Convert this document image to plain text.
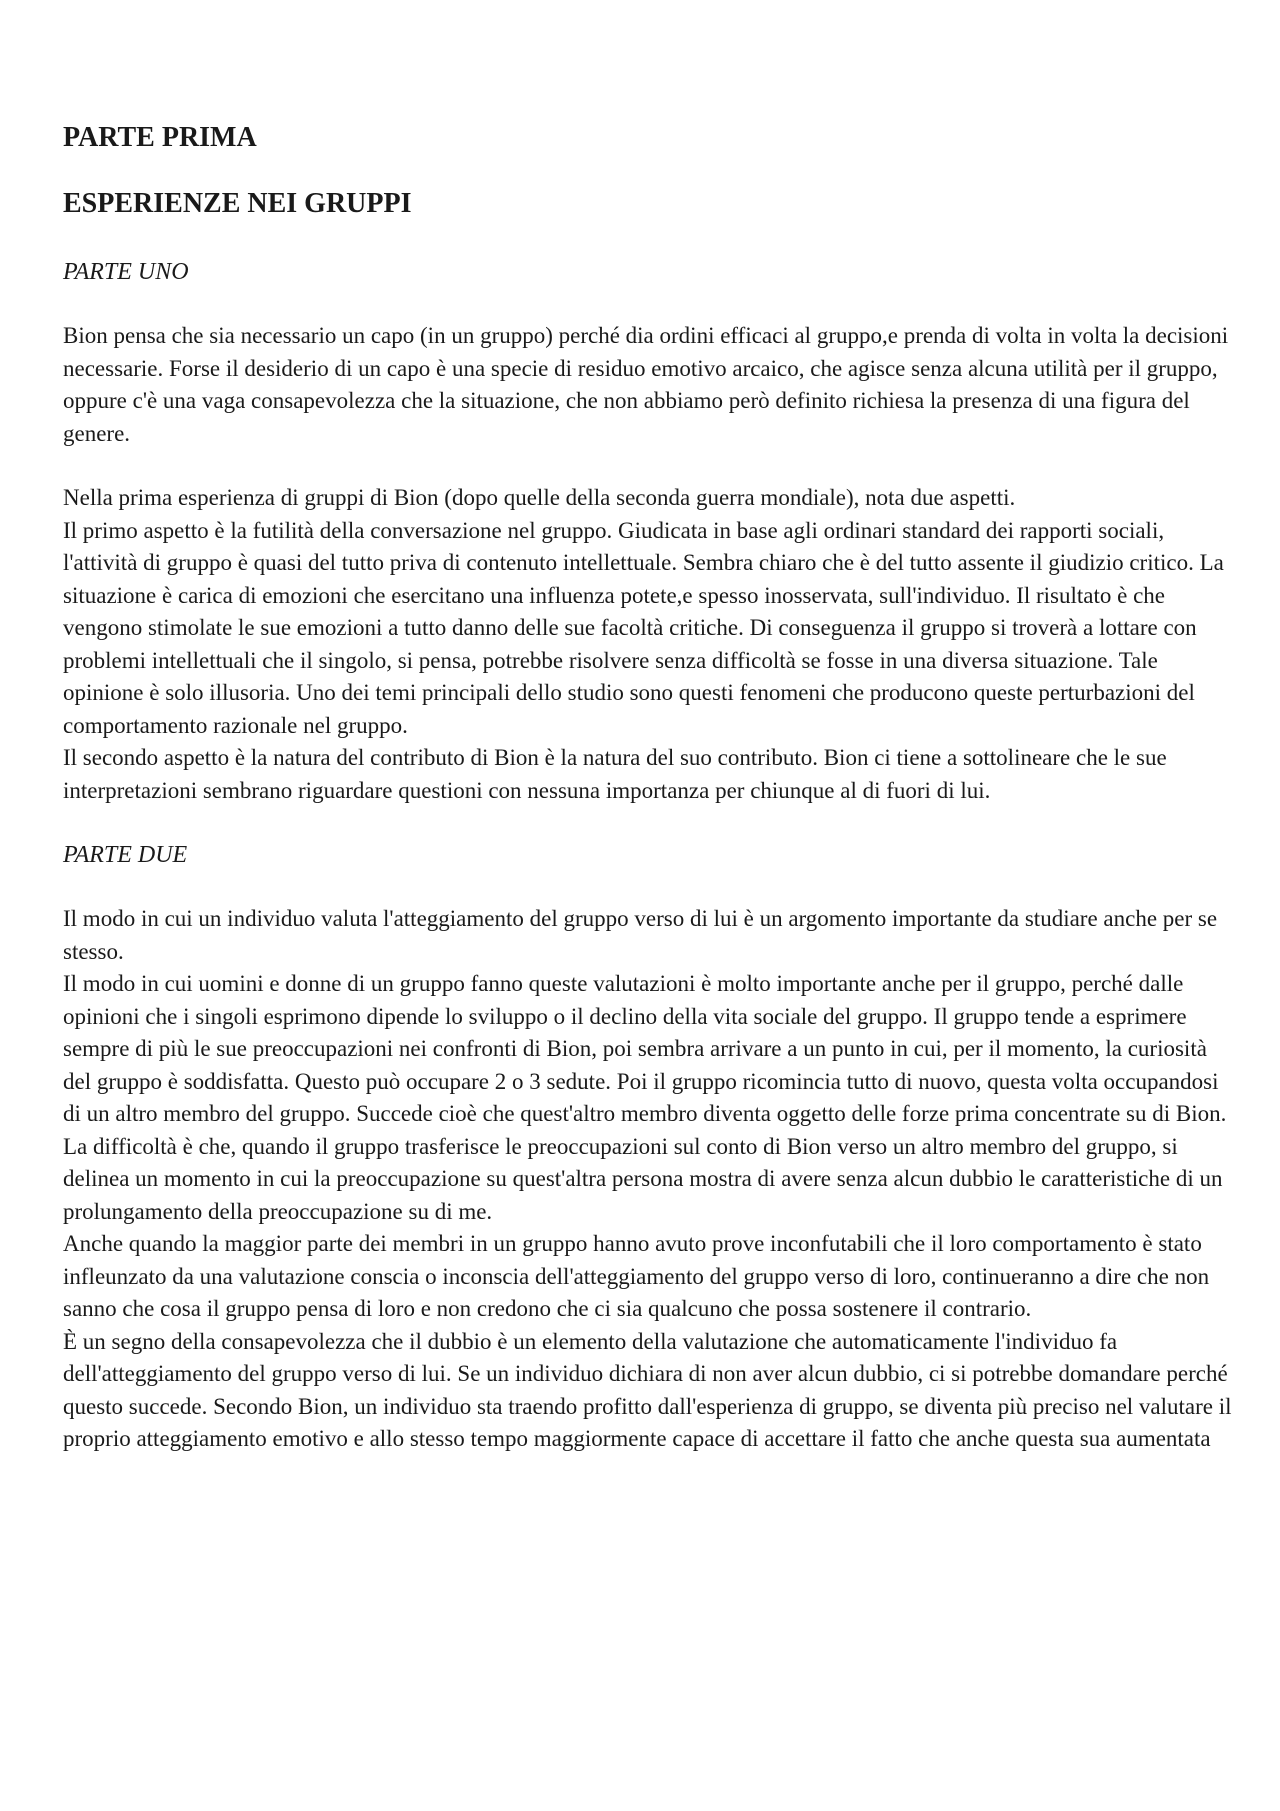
PARTE PRIMA
ESPERIENZE NEI GRUPPI
PARTE UNO

Bion pensa che sia necessario un capo (in un gruppo) perché dia ordini efficaci al gruppo,e prenda di volta in volta la decisioni necessarie. Forse il desiderio di un capo è una specie di residuo emotivo arcaico, che agisce senza alcuna utilità per il gruppo, oppure c'è una vaga consapevolezza che la situazione, che non abbiamo però definito richiesa la presenza di una figura del genere.

Nella prima esperienza di gruppi di Bion (dopo quelle della seconda guerra mondiale), nota due aspetti.

Il primo aspetto è la futilità della conversazione nel gruppo. Giudicata in base agli ordinari standard dei rapporti sociali, l'attività di gruppo è quasi del tutto priva di contenuto intellettuale. Sembra chiaro che è del tutto assente il giudizio critico. La situazione è carica di emozioni che esercitano una influenza potete,e spesso inosservata, sull'individuo. Il risultato è che vengono stimolate le sue emozioni a tutto danno delle sue facoltà critiche. Di conseguenza il gruppo si troverà a lottare con problemi intellettuali che il singolo, si pensa, potrebbe risolvere senza difficoltà se fosse in una diversa situazione. Tale opinione è solo illusoria. Uno dei temi principali dello studio sono questi fenomeni che producono queste perturbazioni del comportamento razionale nel gruppo.

Il secondo aspetto è la natura del contributo di Bion è la natura del suo contributo. Bion ci tiene a sottolineare che le sue interpretazioni sembrano riguardare questioni con nessuna importanza per chiunque al di fuori di lui.

PARTE DUE

Il modo in cui un individuo valuta l'atteggiamento del gruppo verso di lui è un argomento importante da studiare anche per se stesso.

Il modo in cui uomini e donne di un gruppo fanno queste valutazioni è molto importante anche per il gruppo, perché dalle opinioni che i singoli esprimono dipende lo sviluppo o il declino della vita sociale del gruppo. Il gruppo tende a esprimere sempre di più le sue preoccupazioni nei confronti di Bion, poi sembra arrivare a un punto in cui, per il momento, la curiosità del gruppo è soddisfatta. Questo può occupare 2 o 3 sedute. Poi il gruppo ricomincia tutto di nuovo, questa volta occupandosi di un altro membro del gruppo. Succede cioè che quest'altro membro diventa oggetto delle forze prima concentrate su di Bion.

La difficoltà è che, quando il gruppo trasferisce le preoccupazioni sul conto di Bion verso un altro membro del gruppo, si delinea un momento in cui la preoccupazione su quest'altra persona mostra di avere senza alcun dubbio le caratteristiche di un prolungamento della preoccupazione su di me.

Anche quando la maggior parte dei membri in un gruppo hanno avuto prove inconfutabili che il loro comportamento è stato infleunzato da una valutazione conscia o inconscia dell'atteggiamento del gruppo verso di loro, continueranno a dire che non sanno che cosa il gruppo pensa di loro e non credono che ci sia qualcuno che possa sostenere il contrario.

È un segno della consapevolezza che il dubbio è un elemento della valutazione che automaticamente l'individuo fa dell'atteggiamento del gruppo verso di lui. Se un individuo dichiara di non aver alcun dubbio, ci si potrebbe domandare perché questo succede. Secondo Bion, un individuo sta traendo profitto dall'esperienza di gruppo, se diventa più preciso nel valutare il proprio atteggiamento emotivo e allo stesso tempo maggiormente capace di accettare il fatto che anche questa sua aumentata
